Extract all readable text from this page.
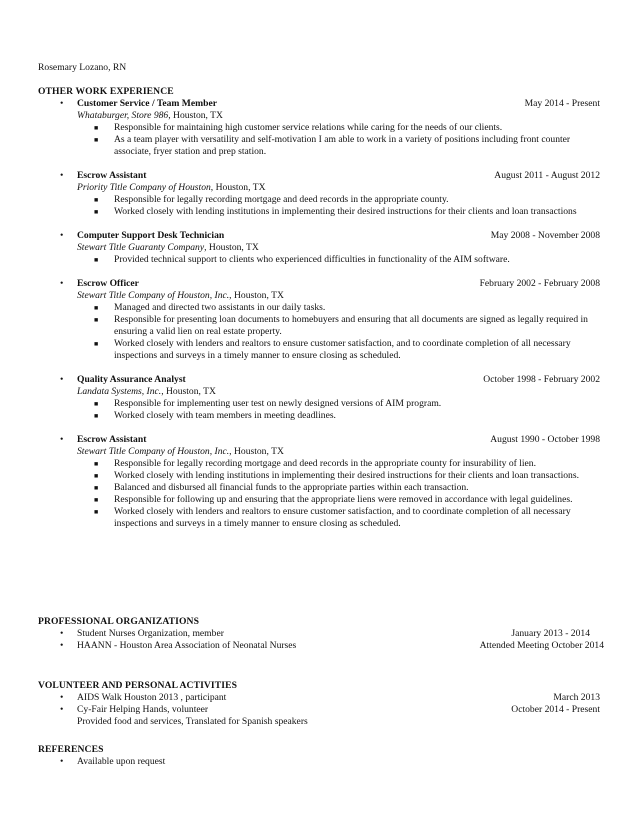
Rosemary Lozano, RN
OTHER WORK EXPERIENCE
• Customer Service / Team Member	May 2014 - Present
Whataburger, Store 986, Houston, TX
■ Responsible for maintaining high customer service relations while caring for the needs of our clients.
■ As a team player with versatility and self-motivation I am able to work in a variety of positions including front counter associate, fryer station and prep station.
• Escrow Assistant	August 2011 - August 2012
Priority Title Company of Houston, Houston, TX
■ Responsible for legally recording mortgage and deed records in the appropriate county.
■ Worked closely with lending institutions in implementing their desired instructions for their clients and loan transactions
• Computer Support Desk Technician	May 2008 - November 2008
Stewart Title Guaranty Company, Houston, TX
■ Provided technical support to clients who experienced difficulties in functionality of the AIM software.
• Escrow Officer	February 2002 - February 2008
Stewart Title Company of Houston, Inc., Houston, TX
■ Managed and directed two assistants in our daily tasks.
■ Responsible for presenting loan documents to homebuyers and ensuring that all documents are signed as legally required in ensuring a valid lien on real estate property.
■ Worked closely with lenders and realtors to ensure customer satisfaction, and to coordinate completion of all necessary inspections and surveys in a timely manner to ensure closing as scheduled.
• Quality Assurance Analyst	October 1998 - February 2002
Landata Systems, Inc., Houston, TX
■ Responsible for implementing user test on newly designed versions of AIM program.
■ Worked closely with team members in meeting deadlines.
• Escrow Assistant	August 1990 - October 1998
Stewart Title Company of Houston, Inc., Houston, TX
■ Responsible for legally recording mortgage and deed records in the appropriate county for insurability of lien.
■ Worked closely with lending institutions in implementing their desired instructions for their clients and loan transactions.
■ Balanced and disbursed all financial funds to the appropriate parties within each transaction.
■ Responsible for following up and ensuring that the appropriate liens were removed in accordance with legal guidelines.
■ Worked closely with lenders and realtors to ensure customer satisfaction, and to coordinate completion of all necessary inspections and surveys in a timely manner to ensure closing as scheduled.
PROFESSIONAL ORGANIZATIONS
• Student Nurses Organization, member	January 2013 - 2014
• HAANN - Houston Area Association of Neonatal Nurses	Attended Meeting October 2014
VOLUNTEER AND PERSONAL ACTIVITIES
• AIDS Walk Houston 2013 , participant	March 2013
• Cy-Fair Helping Hands, volunteer	October 2014 - Present
Provided food and services, Translated for Spanish speakers
REFERENCES
• Available upon request
